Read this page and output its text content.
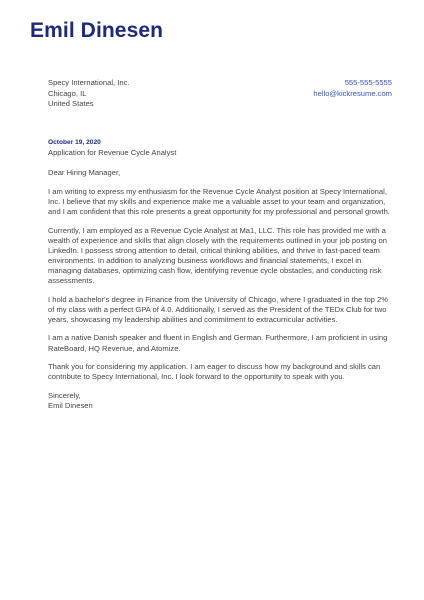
Emil Dinesen
Specy International, Inc.
Chicago, IL
United States
555-555-5555
hello@kickresume.com
October 19, 2020
Application for Revenue Cycle Analyst

Dear Hiring Manager,

I am writing to express my enthusiasm for the Revenue Cycle Analyst position at Specy International, Inc. I believe that my skills and experience make me a valuable asset to your team and organization, and I am confident that this role presents a great opportunity for my professional and personal growth.

Currently, I am employed as a Revenue Cycle Analyst at Ma1, LLC. This role has provided me with a wealth of experience and skills that align closely with the requirements outlined in your job posting on LinkedIn. I possess strong attention to detail, critical thinking abilities, and thrive in fast-paced team environments. In addition to analyzing business workflows and financial statements, I excel in managing databases, optimizing cash flow, identifying revenue cycle obstacles, and conducting risk assessments.

I hold a bachelor's degree in Finance from the University of Chicago, where I graduated in the top 2% of my class with a perfect GPA of 4.0. Additionally, I served as the President of the TEDx Club for two years, showcasing my leadership abilities and commitment to extracurricular activities.

I am a native Danish speaker and fluent in English and German. Furthermore, I am proficient in using RateBoard, HQ Revenue, and Atomize.

Thank you for considering my application. I am eager to discuss how my background and skills can contribute to Specy International, Inc. I look forward to the opportunity to speak with you.

Sincerely,
Emil Dinesen
